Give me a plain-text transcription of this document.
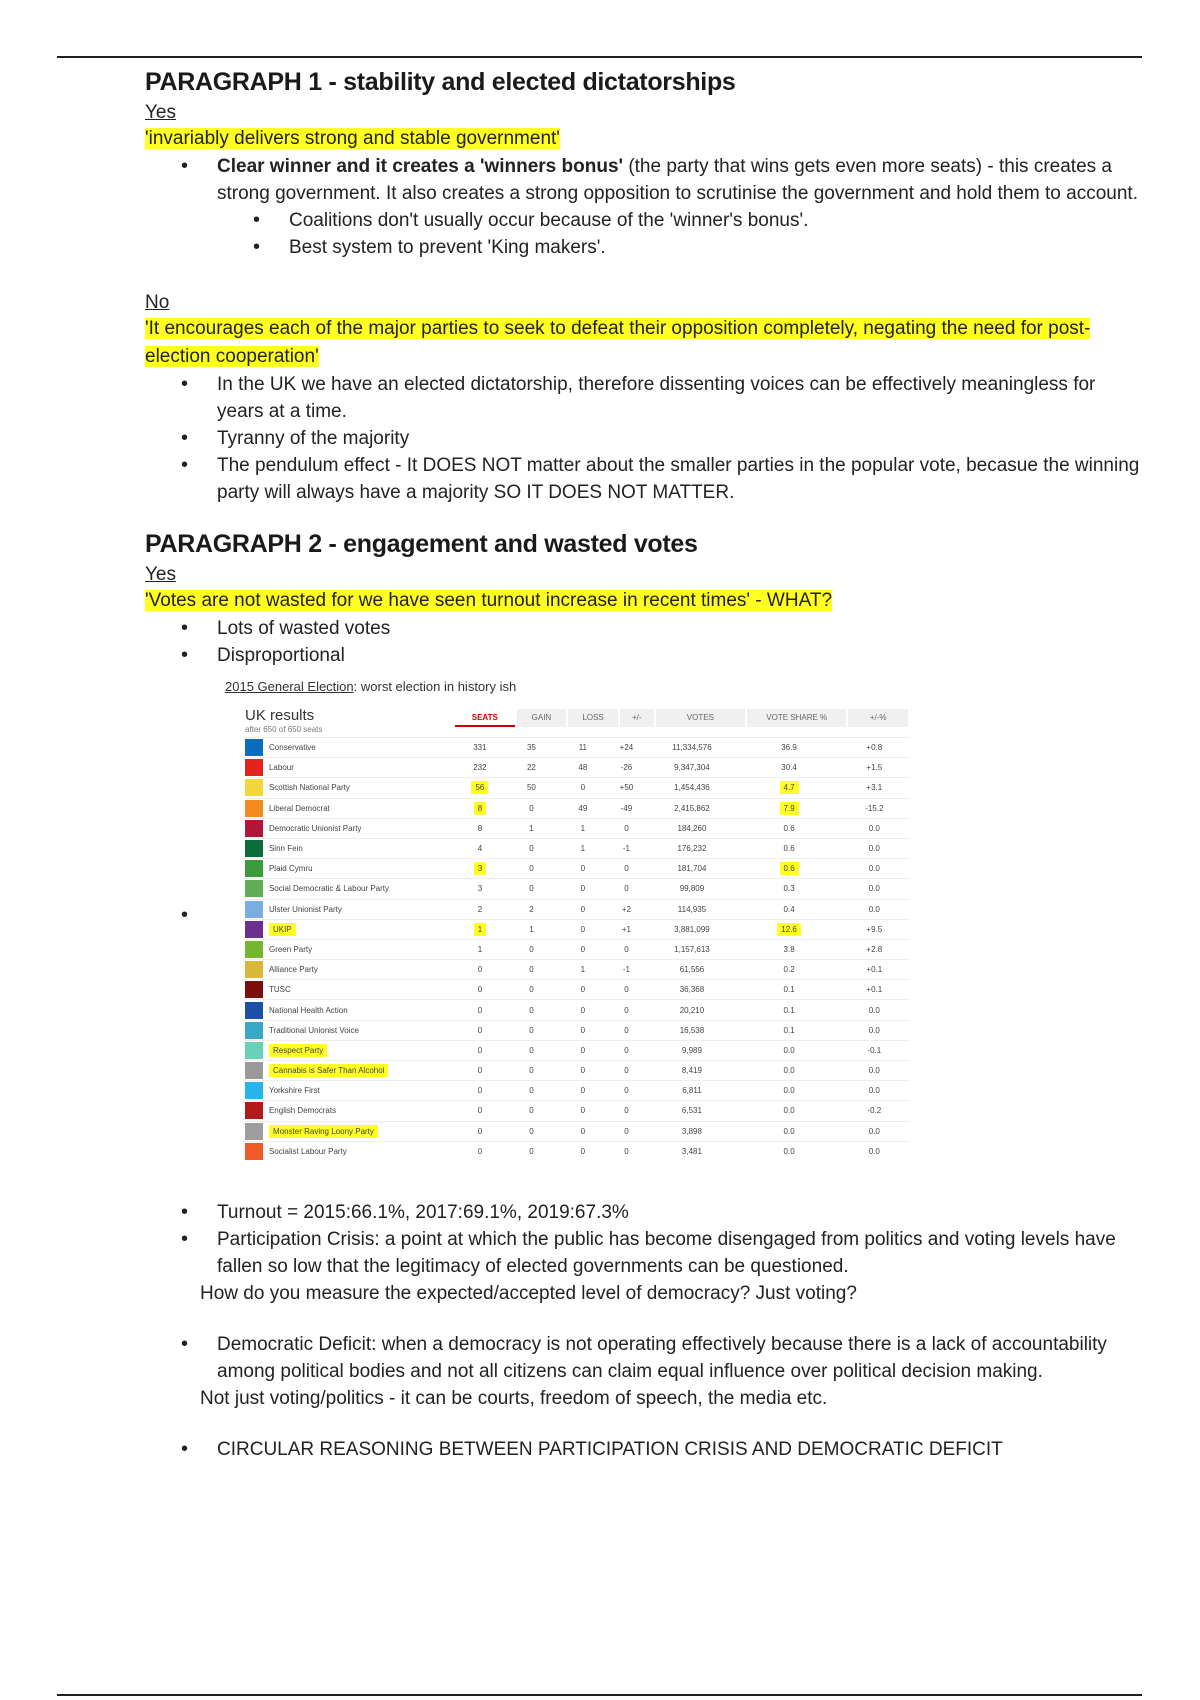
PARAGRAPH 1 - stability and elected dictatorships

Yes

'invariably delivers strong and stable government'

• Clear winner and it creates a 'winners bonus' (the party that wins gets even more seats) - this creates a strong government. It also creates a strong opposition to scrutinise the government and hold them to account.
• Coalitions don't usually occur because of the 'winner's bonus'.
• Best system to prevent 'King makers'.

No

'It encourages each of the major parties to seek to defeat their opposition completely, negating the need for post-election cooperation'

• In the UK we have an elected dictatorship, therefore dissenting voices can be effectively meaningless for years at a time.
• Tyranny of the majority
• The pendulum effect - It DOES NOT matter about the smaller parties in the popular vote, becasue the winning party will always have a majority SO IT DOES NOT MATTER.
PARAGRAPH 2 - engagement and wasted votes

Yes

'Votes are not wasted for we have seen turnout increase in recent times' - WHAT?

• Lots of wasted votes
• Disproportional
•
2015 General Election: worst election in history ish
UK results
after 650 of 650 seats
SEATS	GAIN	LOSS	+/-	VOTES	VOTE SHARE %	+/-%
	Conservative	331	35	11	+24	11,334,576	36.9	+0.8
	Labour	232	22	48	-26	9,347,304	30.4	+1.5
	Scottish National Party	56	50	0	+50	1,454,436	4.7	+3.1
	Liberal Democrat	8	0	49	-49	2,415,862	7.9	-15.2
	Democratic Unionist Party	8	1	1	0	184,260	0.6	0.0
	Sinn Fein	4	0	1	-1	176,232	0.6	0.0
	Plaid Cymru	3	0	0	0	181,704	0.6	0.0
	Social Democratic & Labour Party	3	0	0	0	99,809	0.3	0.0
	Ulster Unionist Party	2	2	0	+2	114,935	0.4	0.0
	UKIP	1	1	0	+1	3,881,099	12.6	+9.5
	Green Party	1	0	0	0	1,157,613	3.8	+2.8
	Alliance Party	0	0	1	-1	61,556	0.2	+0.1
	TUSC	0	0	0	0	36,368	0.1	+0.1
	National Health Action	0	0	0	0	20,210	0.1	0.0
	Traditional Unionist Voice	0	0	0	0	16,538	0.1	0.0
	Respect Party	0	0	0	0	9,989	0.0	-0.1
	Cannabis is Safer Than Alcohol	0	0	0	0	8,419	0.0	0.0
	Yorkshire First	0	0	0	0	6,811	0.0	0.0
	English Democrats	0	0	0	0	6,531	0.0	-0.2
	Monster Raving Loony Party	0	0	0	0	3,898	0.0	0.0
	Socialist Labour Party	0	0	0	0	3,481	0.0	0.0
• Turnout = 2015:66.1%, 2017:69.1%, 2019:67.3%
• Participation Crisis: a point at which the public has become disengaged from politics and voting levels have fallen so low that the legitimacy of elected governments can be questioned.

How do you measure the expected/accepted level of democracy? Just voting?

• Democratic Deficit: when a democracy is not operating effectively because there is a lack of accountability among political bodies and not all citizens can claim equal influence over political decision making.

Not just voting/politics - it can be courts, freedom of speech, the media etc.

• CIRCULAR REASONING BETWEEN PARTICIPATION CRISIS AND DEMOCRATIC DEFICIT
